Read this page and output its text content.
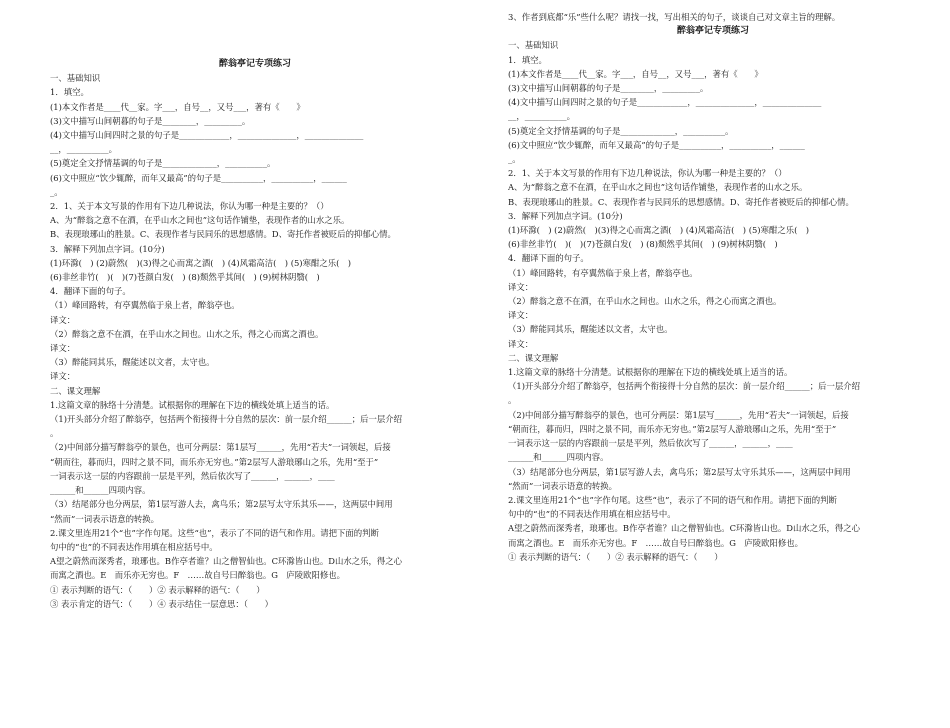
醉翁亭记专项练习
一、基础知识
1．填空。
(1)本文作者是____代__家。字___，自号__，又号___，著有《　　》
(3)文中描写山间朝暮的句子是________，_________。
(4)文中描写山间四时之景的句子是____________，______________，______________
__，__________。
(5)奠定全文抒情基调的句子是_____________，__________。
(6)文中照应“饮少辄醉，而年又最高”的句子是__________，__________，______
_。
2．1、关于本文写景的作用有下边几种说法，你认为哪一种是主要的？（）
A、为“醉翁之意不在酒，在乎山水之间也”这句话作铺垫，表现作者的山水之乐。
B、表现琅琊山的胜景。C、表现作者与民同乐的思想感情。D、寄托作者被贬后的抑郁心情。
3．解释下列加点字词。(10分)
(1)环滁(　) (2)蔚然(　)(3)得之心而寓之酒(　) (4)风霜高洁(　) (5)寒酣之乐(　)
(6)非丝非竹(　)(　)(7)苍颜白发(　) (8)颓然乎其间(　) (9)树林阴翳(　)
4．翻译下面的句子。
（1）峰回路转，有亭翼然临于泉上者，醉翁亭也。
译文：
（2）醉翁之意不在酒，在乎山水之间也。山水之乐，得之心而寓之酒也。
译文：
（3）醉能同其乐，醒能述以文者，太守也。
译文：
二、课文理解
1.这篇文章的脉络十分清楚。试根据你的理解在下边的横线处填上适当的话。
（1)开头部分介绍了醉翁亭，包括两个衔接得十分自然的层次：前一层介绍______；后一层介绍
。
（2)中间部分描写醉翁亭的景色，也可分两层：第1层写______，先用“若夫”一词领起，后接
“朝而往，暮而归，四时之景不同，而乐亦无穷也。”第2层写人游琅琊山之乐，先用“至于”
一词表示这一层的内容跟前一层是平列，然后依次写了______，______，____
______和______四项内容。
（3）结尾部分也分两层，第1层写游人去，禽鸟乐；第2层写太守乐其乐——，这两层中间用
“然而”一词表示语意的转换。
2.课文里连用21个“也”字作句尾。这些“也”，表示了不同的语气和作用。请把下面的判断
句中的“也”的不同表达作用填在相应括号中。
A望之蔚然而深秀者，琅琊也。B作亭者谁？山之僧智仙也。C环滁皆山也。D山水之乐，得之心
而寓之酒也。E　而乐亦无穷也。F　……故自号曰醉翁也。G　庐陵欧阳修也。
① 表示判断的语气：（　　）② 表示解释的语气：（　　）
③ 表示肯定的语气：（　　）④ 表示结住一层意思：（　　）
3、作者到底都“乐”些什么呢？请找一找，写出相关的句子，谈谈自己对文章主旨的理解。
醉翁亭记专项练习
一、基础知识
1．填空。
(1)本文作者是____代__家。字___，自号__，又号___，著有《　　》
(3)文中描写山间朝暮的句子是________，_________。
(4)文中描写山间四时之景的句子是____________，______________，______________
__，__________。
(5)奠定全文抒情基调的句子是_____________，__________。
(6)文中照应“饮少辄醉，而年又最高”的句子是__________，__________，______
_。
2．1、关于本文写景的作用有下边几种说法，你认为哪一种是主要的？（）
A、为“醉翁之意不在酒，在乎山水之间也”这句话作铺垫，表现作者的山水之乐。
B、表现琅琊山的胜景。C、表现作者与民同乐的思想感情。D、寄托作者被贬后的抑郁心情。
3．解释下列加点字词。(10分)
(1)环滁(　) (2)蔚然(　)(3)得之心而寓之酒(　) (4)风霜高洁(　) (5)寒酣之乐(　)
(6)非丝非竹(　)(　)(7)苍颜白发(　) (8)颓然乎其间(　) (9)树林阴翳(　)
4．翻译下面的句子。
（1）峰回路转，有亭翼然临于泉上者，醉翁亭也。
译文：
（2）醉翁之意不在酒，在乎山水之间也。山水之乐，得之心而寓之酒也。
译文：
（3）醉能同其乐，醒能述以文者，太守也。
译文：
二、课文理解
1.这篇文章的脉络十分清楚。试根据你的理解在下边的横线处填上适当的话。
（1)开头部分介绍了醉翁亭，包括两个衔接得十分自然的层次：前一层介绍______；后一层介绍
。
（2)中间部分描写醉翁亭的景色，也可分两层：第1层写______，先用“若夫”一词领起，后接
“朝而往，暮而归，四时之景不同，而乐亦无穷也。”第2层写人游琅琊山之乐，先用“至于”
一词表示这一层的内容跟前一层是平列，然后依次写了______，______，____
______和______四项内容。
（3）结尾部分也分两层，第1层写游人去，禽鸟乐；第2层写太守乐其乐——，这两层中间用
“然而”一词表示语意的转换。
2.课文里连用21个“也”字作句尾。这些“也”，表示了不同的语气和作用。请把下面的判断
句中的“也”的不同表达作用填在相应括号中。
A望之蔚然而深秀者，琅琊也。B作亭者谁？山之僧智仙也。C环滁皆山也。D山水之乐，得之心
而寓之酒也。E　而乐亦无穷也。F　……故自号曰醉翁也。G　庐陵欧阳修也。
① 表示判断的语气：（　　）② 表示解释的语气：（　　）
